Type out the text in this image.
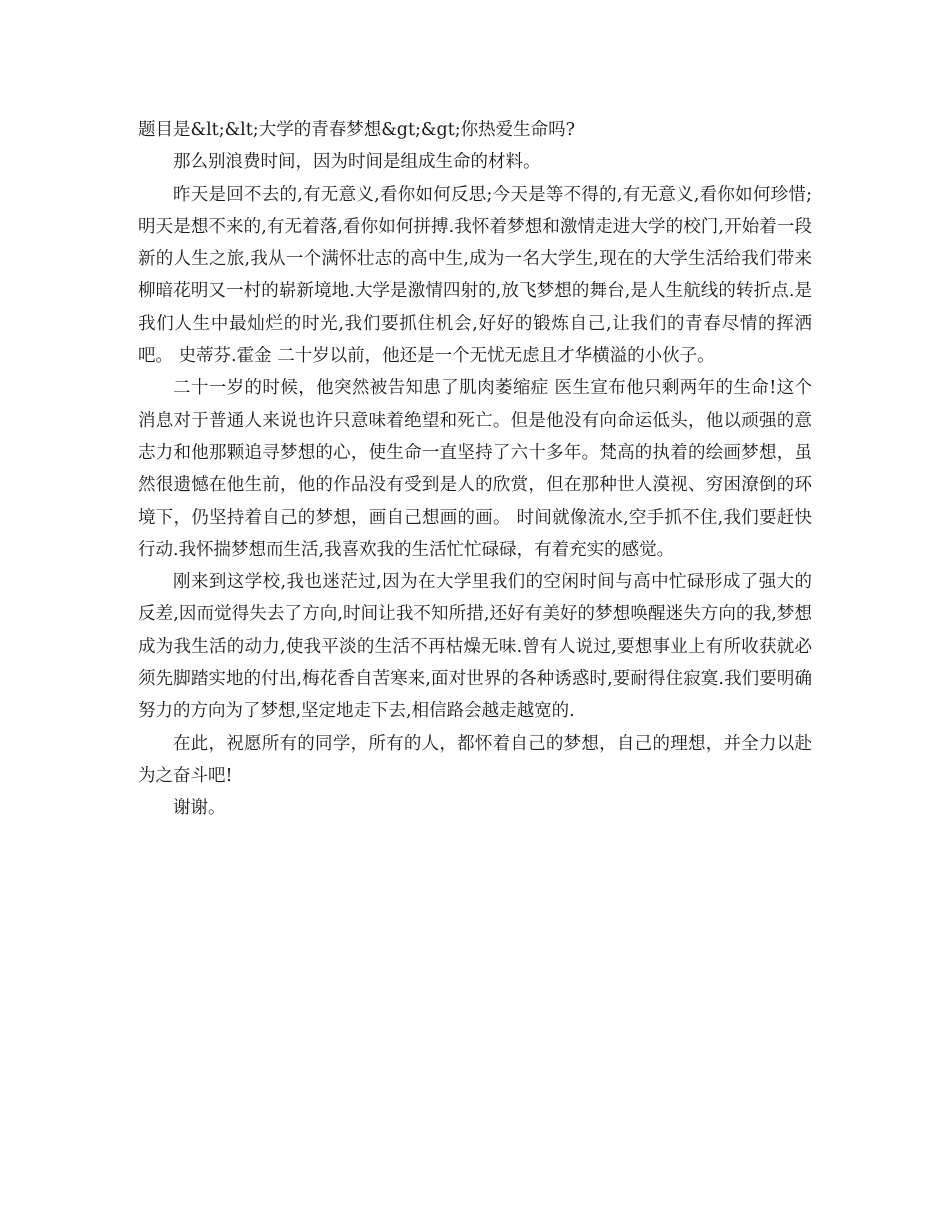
题目是&lt;&lt;大学的青春梦想&gt;&gt;你热爱生命吗?

那么别浪费时间，因为时间是组成生命的材料。

昨天是回不去的,有无意义,看你如何反思;今天是等不得的,有无意义,看你如何珍惜;明天是想不来的,有无着落,看你如何拼搏.我怀着梦想和激情走进大学的校门,开始着一段新的人生之旅,我从一个满怀壮志的高中生,成为一名大学生,现在的大学生活给我们带来柳暗花明又一村的崭新境地.大学是激情四射的,放飞梦想的舞台,是人生航线的转折点.是我们人生中最灿烂的时光,我们要抓住机会,好好的锻炼自己,让我们的青春尽情的挥洒吧。 史蒂芬.霍金 二十岁以前，他还是一个无忧无虑且才华横溢的小伙子。

二十一岁的时候，他突然被告知患了肌肉萎缩症 医生宣布他只剩两年的生命!这个消息对于普通人来说也许只意味着绝望和死亡。但是他没有向命运低头，他以顽强的意志力和他那颗追寻梦想的心，使生命一直坚持了六十多年。梵高的执着的绘画梦想，虽然很遗憾在他生前，他的作品没有受到是人的欣赏，但在那种世人漠视、穷困潦倒的环境下，仍坚持着自己的梦想，画自己想画的画。 时间就像流水,空手抓不住,我们要赶快行动.我怀揣梦想而生活,我喜欢我的生活忙忙碌碌，有着充实的感觉。

刚来到这学校,我也迷茫过,因为在大学里我们的空闲时间与高中忙碌形成了强大的反差,因而觉得失去了方向,时间让我不知所措,还好有美好的梦想唤醒迷失方向的我,梦想成为我生活的动力,使我平淡的生活不再枯燥无味.曾有人说过,要想事业上有所收获就必须先脚踏实地的付出,梅花香自苦寒来,面对世界的各种诱惑时,要耐得住寂寞.我们要明确努力的方向为了梦想,坚定地走下去,相信路会越走越宽的.

在此，祝愿所有的同学，所有的人，都怀着自己的梦想，自己的理想，并全力以赴为之奋斗吧!

谢谢。
